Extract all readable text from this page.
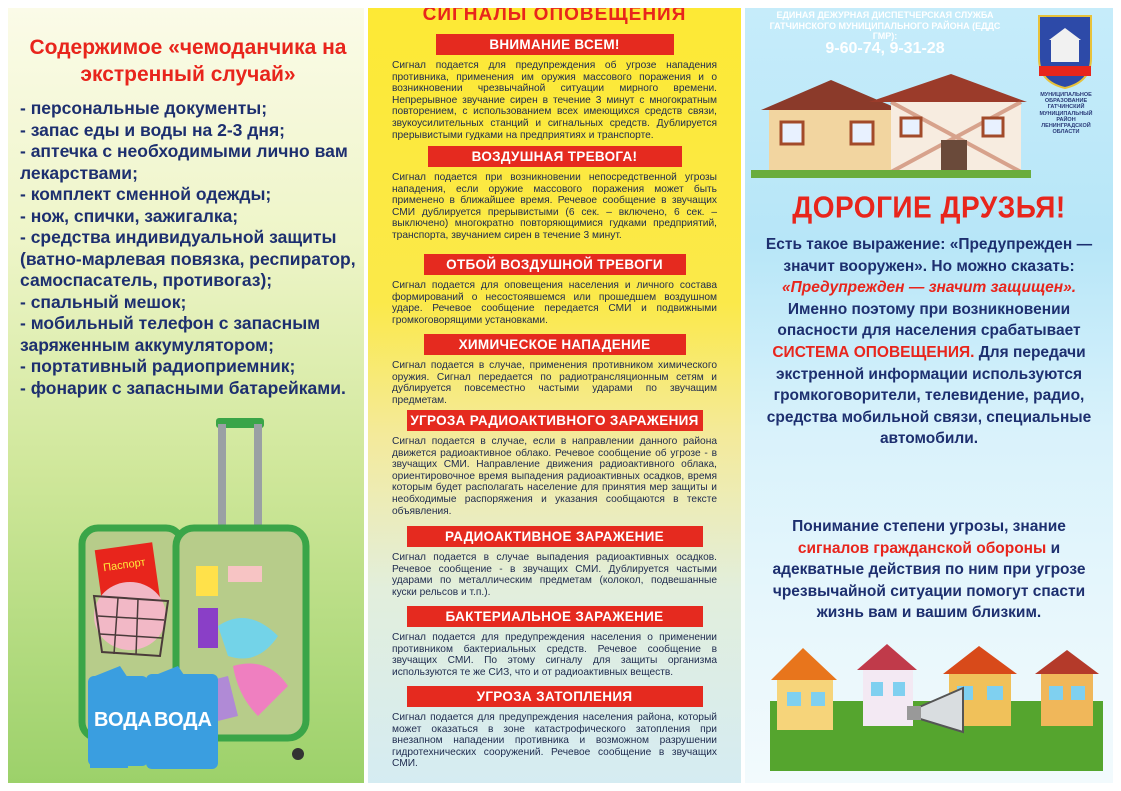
Содержимое «чемоданчика на экстренный случай»
- персональные документы;
- запас еды и воды на 2-3 дня;
- аптечка с необходимыми лично вам лекарствами;
- комплект сменной одежды;
- нож, спички, зажигалка;
- средства индивидуальной защиты (ватно-марлевая повязка, респиратор, самоспасатель, противогаз);
- спальный мешок;
- мобильный телефон с запасным заряженным аккумулятором;
- портативный радиоприемник;
- фонарик с запасными батарейками.
Паспорт
ВОДА ВОДА
СИГНАЛЫ ОПОВЕЩЕНИЯ
ВНИМАНИЕ ВСЕМ!
Сигнал подается для предупреждения об угрозе нападения противника, применения им оружия массового поражения и о возникновении чрезвычайной ситуации мирного времени. Непрерывное звучание сирен в течение 3 минут с многократным повторением, с использованием всех имеющихся средств связи, звукоусилительных станций и сигнальных средств. Дублируется прерывистыми гудками на предприятиях и транспорте.
ВОЗДУШНАЯ ТРЕВОГА!
Сигнал подается при возникновении непосредственной угрозы нападения, если оружие массового поражения может быть применено в ближайшее время. Речевое сообщение в звучащих СМИ дублируется прерывистыми (6 сек. – включено, 6 сек. – выключено) многократно повторяющимися гудками предприятий, транспорта, звучанием сирен в течение 3 минут.
ОТБОЙ ВОЗДУШНОЙ ТРЕВОГИ
Сигнал подается для оповещения населения и личного состава формирований о несостоявшемся или прошедшем воздушном ударе. Речевое сообщение передается СМИ и подвижными громкоговорящими установками.
ХИМИЧЕСКОЕ НАПАДЕНИЕ
Сигнал подается в случае, применения противником химического оружия. Сигнал передается по радиотрансляционным сетям и дублируется повсеместно частыми ударами по звучащим предметам.
УГРОЗА РАДИОАКТИВНОГО ЗАРАЖЕНИЯ
Сигнал подается в случае, если в направлении данного района движется радиоактивное облако. Речевое сообщение об угрозе - в звучащих СМИ. Направление движения радиоактивного облака, ориентировочное время выпадения радиоактивных осадков, время которым будет располагать население для принятия мер защиты и необходимые распоряжения и указания сообщаются в тексте объявления.
РАДИОАКТИВНОЕ ЗАРАЖЕНИЕ
Сигнал подается в случае выпадения радиоактивных осадков. Речевое сообщение - в звучащих СМИ. Дублируется частыми ударами по металлическим предметам (колокол, подвешанные куски рельсов и т.п.).
БАКТЕРИАЛЬНОЕ ЗАРАЖЕНИЕ
Сигнал подается для предупреждения населения о применении противником бактериальных средств. Речевое сообщение в звучащих СМИ. По этому сигналу для защиты организма используются те же СИЗ, что и от радиоактивных веществ.
УГРОЗА ЗАТОПЛЕНИЯ
Сигнал подается для предупреждения населения района, который может оказаться в зоне катастрофического затопления при внезапном нападении противника и возможном разрушении гидротехнических сооружений. Речевое сообщение в звучащих СМИ.
ЕДИНАЯ ДЕЖУРНАЯ ДИСПЕТЧЕРСКАЯ СЛУЖБА
ГАТЧИНСКОГО МУНИЦИПАЛЬНОГО РАЙОНА (ЕДДС ГМР):
9-60-74, 9-31-28
МУНИЦИПАЛЬНОЕ ОБРАЗОВАНИЕ ГАТЧИНСКИЙ МУНИЦИПАЛЬНЫЙ РАЙОН ЛЕНИНГРАДСКОЙ ОБЛАСТИ
ДОРОГИЕ ДРУЗЬЯ!
Есть такое выражение: «Предупрежден — значит вооружен». Но можно сказать: «Предупрежден — значит защищен». Именно поэтому при возникновении опасности для населения срабатывает СИСТЕМА ОПОВЕЩЕНИЯ. Для передачи экстренной информации используются громкоговорители, телевидение, радио, средства мобильной связи, специальные автомобили.
Понимание степени угрозы, знание сигналов гражданской обороны и адекватные действия по ним при угрозе чрезвычайной ситуации помогут спасти жизнь вам и вашим близким.
